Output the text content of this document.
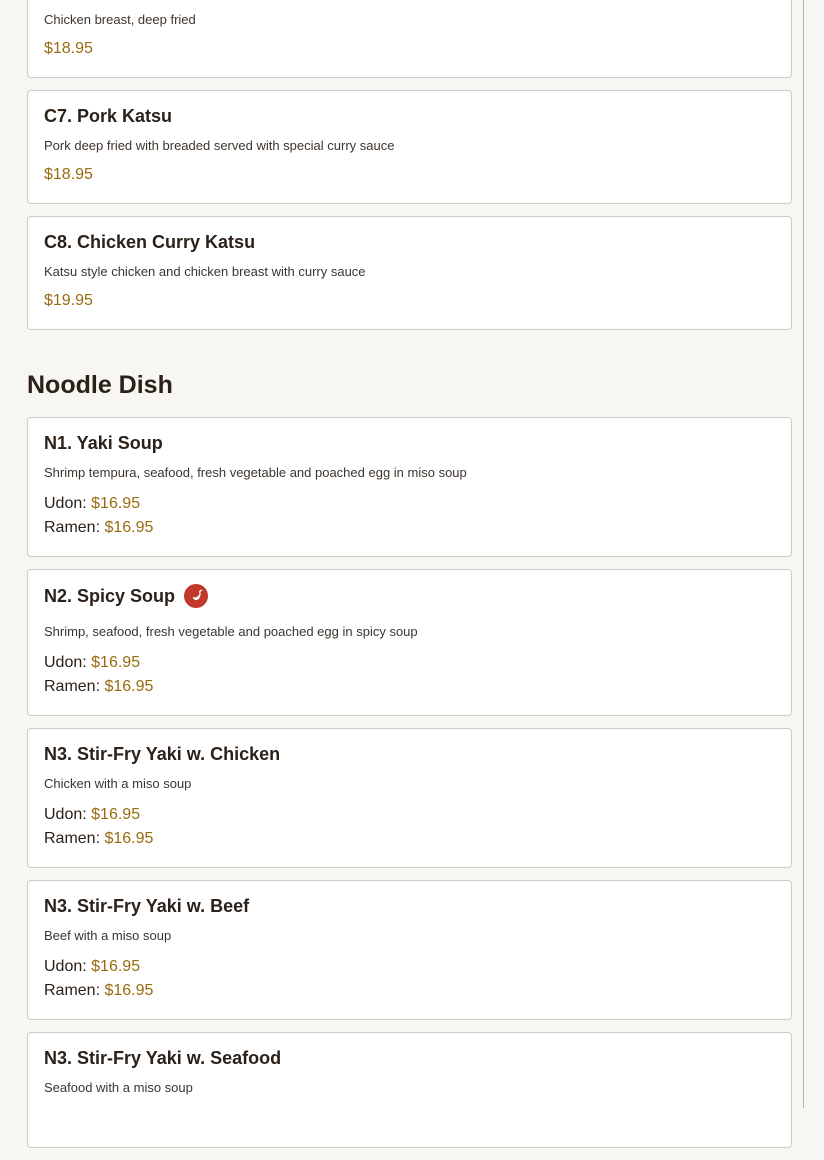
Chicken breast, deep fried
$18.95
C7. Pork Katsu
Pork deep fried with breaded served with special curry sauce
$18.95
C8. Chicken Curry Katsu
Katsu style chicken and chicken breast with curry sauce
$19.95
Noodle Dish
N1. Yaki Soup
Shrimp tempura, seafood, fresh vegetable and poached egg in miso soup
Udon: $16.95
Ramen: $16.95
N2. Spicy Soup
Shrimp, seafood, fresh vegetable and poached egg in spicy soup
Udon: $16.95
Ramen: $16.95
N3. Stir-Fry Yaki w. Chicken
Chicken with a miso soup
Udon: $16.95
Ramen: $16.95
N3. Stir-Fry Yaki w. Beef
Beef with a miso soup
Udon: $16.95
Ramen: $16.95
N3. Stir-Fry Yaki w. Seafood
Seafood with a miso soup
